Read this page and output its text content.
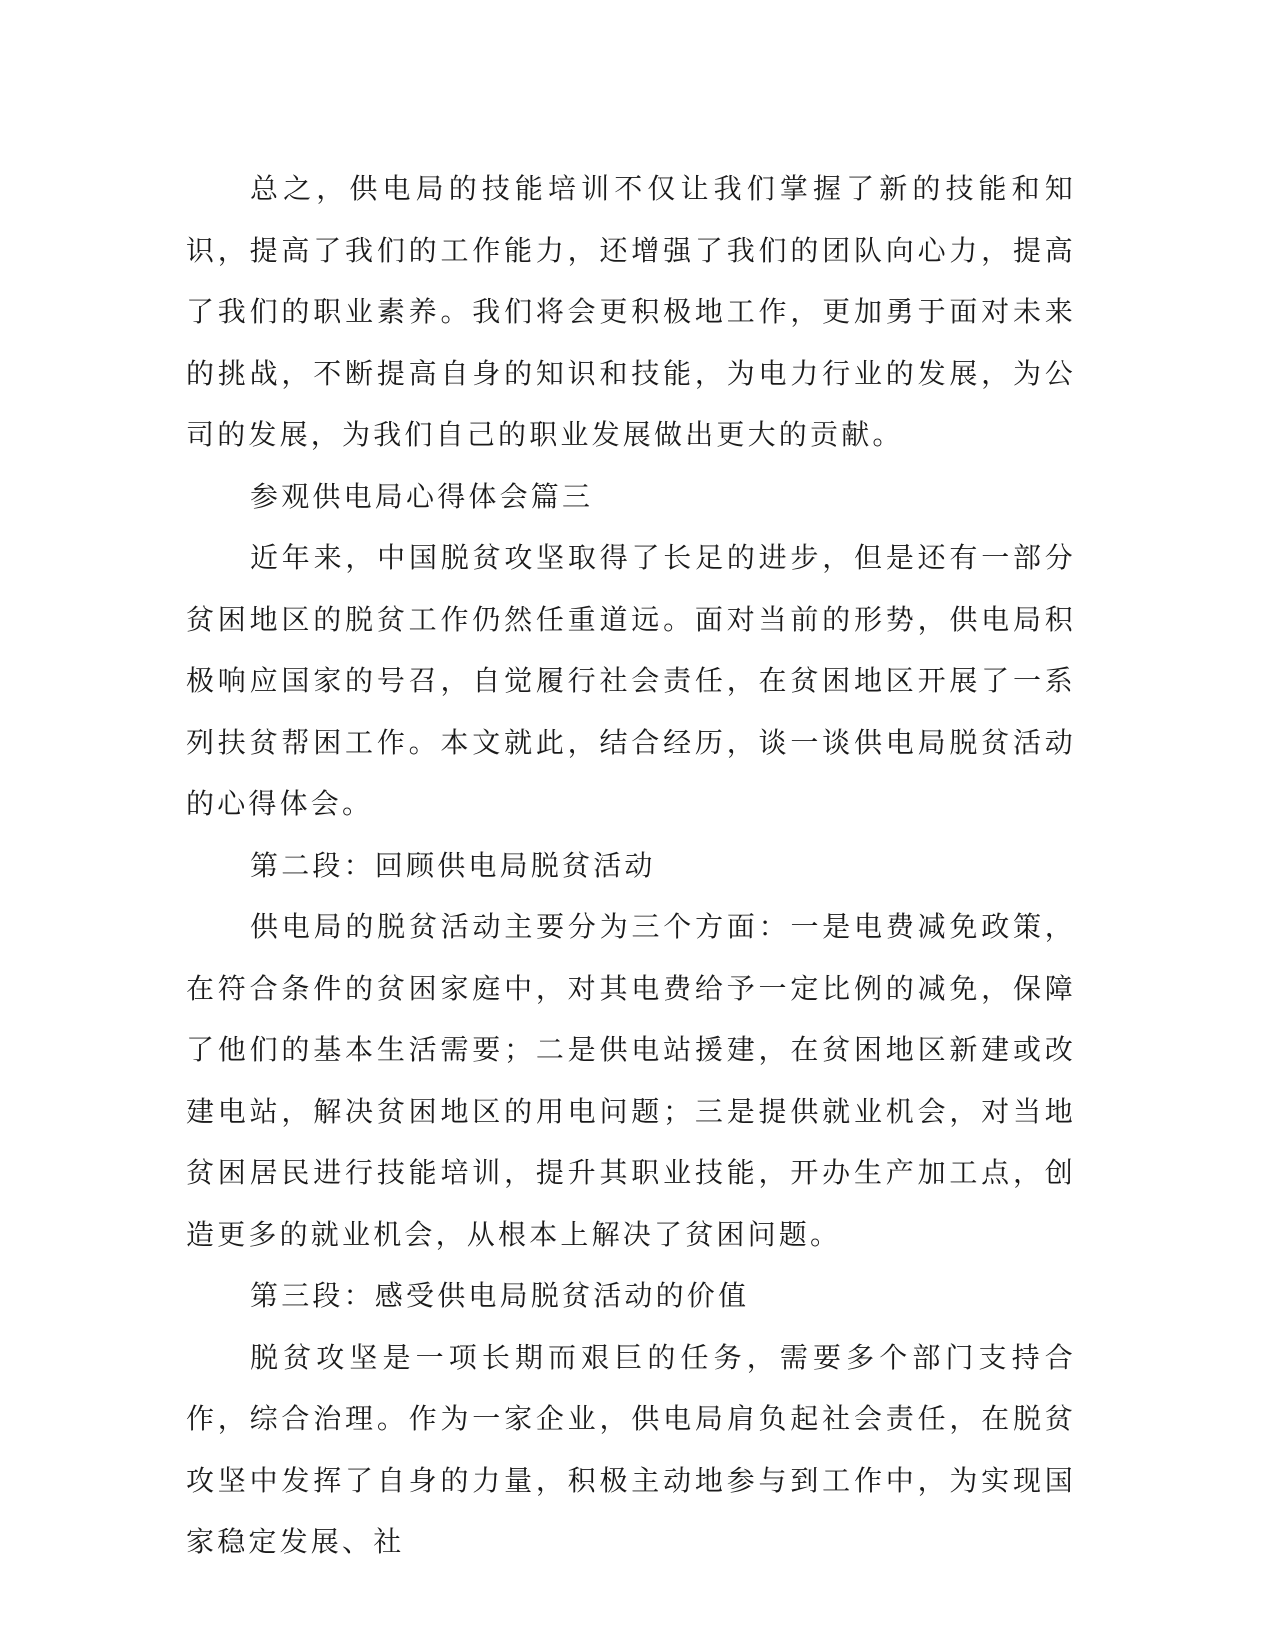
总之，供电局的技能培训不仅让我们掌握了新的技能和知识，提高了我们的工作能力，还增强了我们的团队向心力，提高了我们的职业素养。我们将会更积极地工作，更加勇于面对未来的挑战，不断提高自身的知识和技能，为电力行业的发展，为公司的发展，为我们自己的职业发展做出更大的贡献。

参观供电局心得体会篇三

近年来，中国脱贫攻坚取得了长足的进步，但是还有一部分贫困地区的脱贫工作仍然任重道远。面对当前的形势，供电局积极响应国家的号召，自觉履行社会责任，在贫困地区开展了一系列扶贫帮困工作。本文就此，结合经历，谈一谈供电局脱贫活动的心得体会。

第二段：回顾供电局脱贫活动

供电局的脱贫活动主要分为三个方面：一是电费减免政策，在符合条件的贫困家庭中，对其电费给予一定比例的减免，保障了他们的基本生活需要；二是供电站援建，在贫困地区新建或改建电站，解决贫困地区的用电问题；三是提供就业机会，对当地贫困居民进行技能培训，提升其职业技能，开办生产加工点，创造更多的就业机会，从根本上解决了贫困问题。

第三段：感受供电局脱贫活动的价值

脱贫攻坚是一项长期而艰巨的任务，需要多个部门支持合作，综合治理。作为一家企业，供电局肩负起社会责任，在脱贫攻坚中发挥了自身的力量，积极主动地参与到工作中，为实现国家稳定发展、社
